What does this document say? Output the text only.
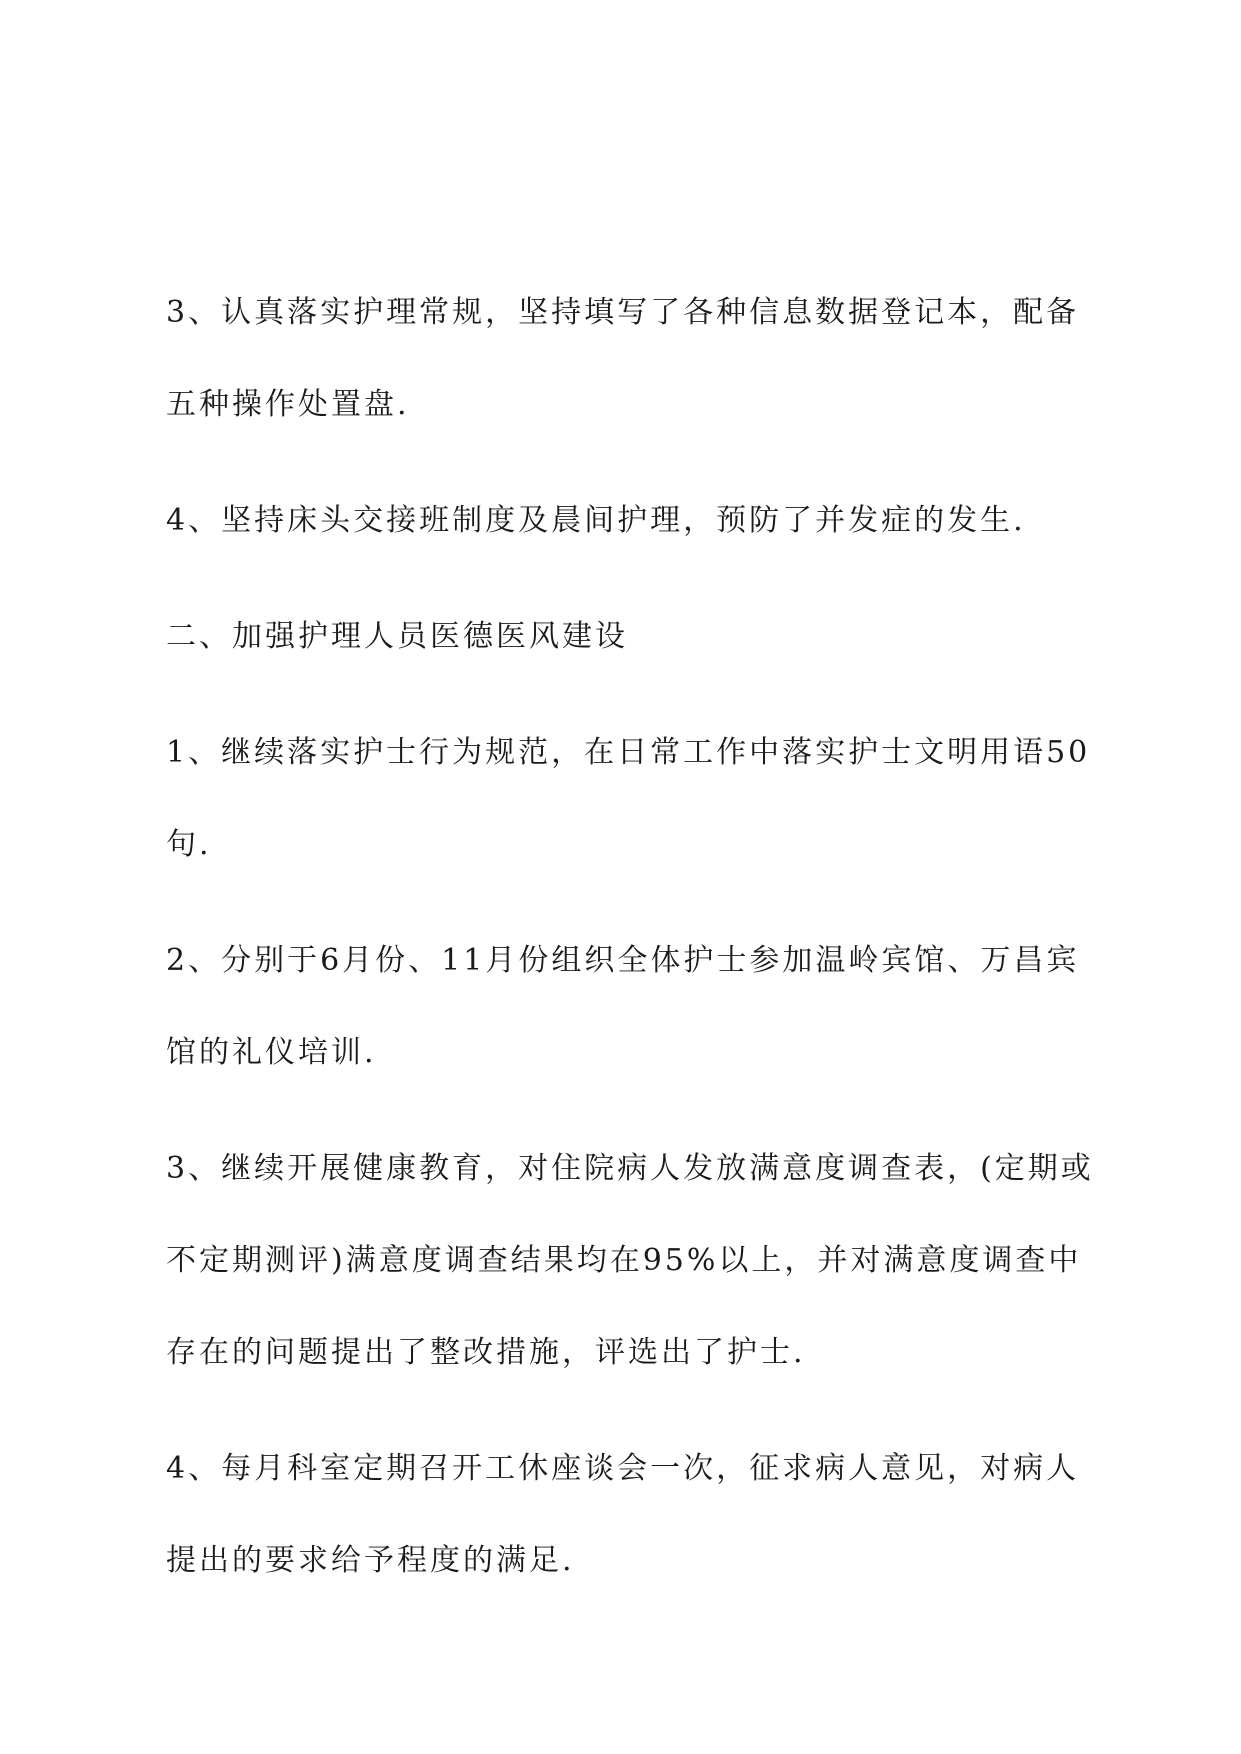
3、认真落实护理常规，坚持填写了各种信息数据登记本，配备
五种操作处置盘.
4、坚持床头交接班制度及晨间护理，预防了并发症的发生.
二、加强护理人员医德医风建设
1、继续落实护士行为规范，在日常工作中落实护士文明用语50
句.
2、分别于6月份、11月份组织全体护士参加温岭宾馆、万昌宾
馆的礼仪培训.
3、继续开展健康教育，对住院病人发放满意度调查表，(定期或
不定期测评)满意度调查结果均在95%以上，并对满意度调查中
存在的问题提出了整改措施，评选出了护士.
4、每月科室定期召开工休座谈会一次，征求病人意见，对病人
提出的要求给予程度的满足.
